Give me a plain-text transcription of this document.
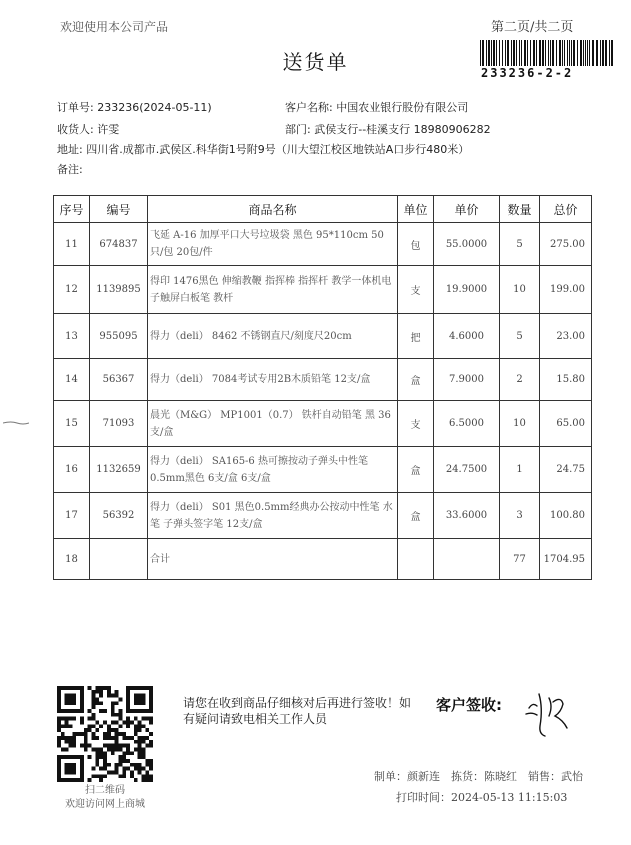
欢迎使用本公司产品	第二页/共二页
送货单	233236-2-2
订单号: 233236(2024-05-11)
收货人: 许雯
地址: 四川省.成都市.武侯区.科华街1号附9号（川大望江校区地铁站A口步行480米）
备注:
客户名称: 中国农业银行股份有限公司
部门: 武侯支行--桂溪支行 18980906282
序号	编号	商品名称	单位	单价	数量	总价
11	674837	飞延 A-16 加厚平口大号垃圾袋 黑色 95*110cm 50只/包 20包/件	包	55.0000	5	275.00
12	1139895	得印 1476黑色 伸缩教鞭 指挥棒 指挥杆 教学一体机电子触屏白板笔 教杆	支	19.9000	10	199.00
13	955095	得力（deli） 8462 不锈钢直尺/刻度尺20cm	把	4.6000	5	23.00
14	56367	得力（deli） 7084考试专用2B木质铅笔 12支/盒	盒	7.9000	2	15.80
15	71093	晨光（M&G） MP1001（0.7） 铁杆自动铅笔 黑 36支/盒	支	6.5000	10	65.00
16	1132659	得力（deli） SA165-6 热可擦按动子弹头中性笔 0.5mm黑色 6支/盒 6支/盒	盒	24.7500	1	24.75
17	56392	得力（deli） S01 黑色0.5mm经典办公按动中性笔 水笔 子弹头签字笔 12支/盒	盒	33.6000	3	100.80
18		合计			77	1704.95
扫二维码
欢迎访问网上商城
请您在收到商品仔细核对后再进行签收！如有疑问请致电相关工作人员
客户签收:
制单：颜新连　拣货：陈晓红　销售：武怡
打印时间：2024-05-13 11:15:03
